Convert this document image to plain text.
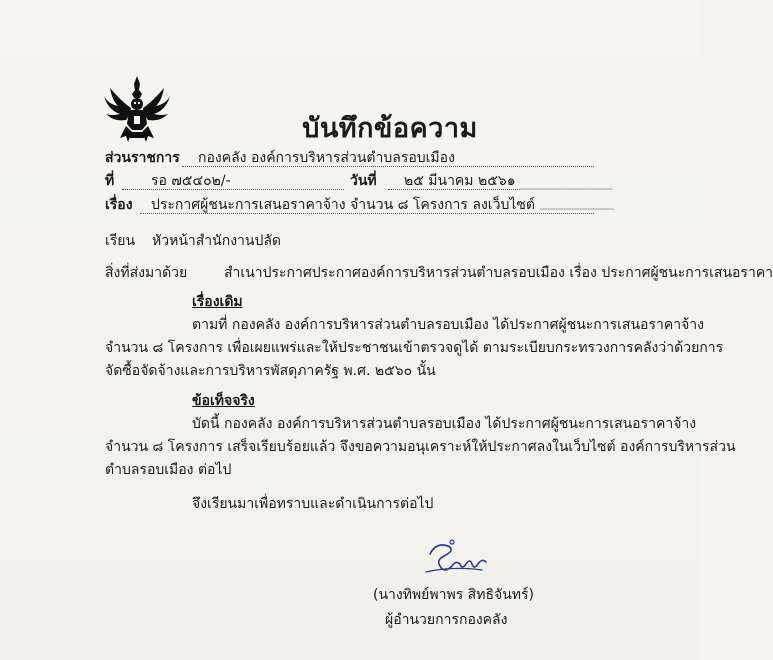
บันทึกข้อความ
ส่วนราชการ กองคลัง องค์การบริหารส่วนตำบลรอบเมือง
ที่	รอ ๗๕๔๐๒/-	วันที่ ๒๕ มีนาคม ๒๕๖๑
เรื่อง ประกาศผู้ชนะการเสนอราคาจ้าง จำนวน ๘ โครงการ ลงเว็บไซต์
▁▁▁▁▁▁▁▁▁▁
▁▁▁▁▁▁▁▁
เรียน หัวหน้าสำนักงานปลัด
สิ่งที่ส่งมาด้วย	สำเนาประกาศประกาศองค์การบริหารส่วนตำบลรอบเมือง เรื่อง ประกาศผู้ชนะการเสนอราคา
เรื่องเดิม
ตามที่ กองคลัง องค์การบริหารส่วนตำบลรอบเมือง ได้ประกาศผู้ชนะการเสนอราคาจ้าง
จำนวน ๘ โครงการ เพื่อเผยแพร่และให้ประชาชนเข้าตรวจดูได้ ตามระเบียบกระทรวงการคลังว่าด้วยการ
จัดซื้อจัดจ้างและการบริหารพัสดุภาครัฐ พ.ศ. ๒๕๖๐ นั้น
ข้อเท็จจริง
บัดนี้ กองคลัง องค์การบริหารส่วนตำบลรอบเมือง ได้ประกาศผู้ชนะการเสนอราคาจ้าง
จำนวน ๘ โครงการ เสร็จเรียบร้อยแล้ว จึงขอความอนุเคราะห์ให้ประกาศลงในเว็บไซต์ องค์การบริหารส่วน
ตำบลรอบเมือง ต่อไป
จึงเรียนมาเพื่อทราบและดำเนินการต่อไป
(นางทิพย์พาพร สิทธิจันทร์)
ผู้อำนวยการกองคลัง
